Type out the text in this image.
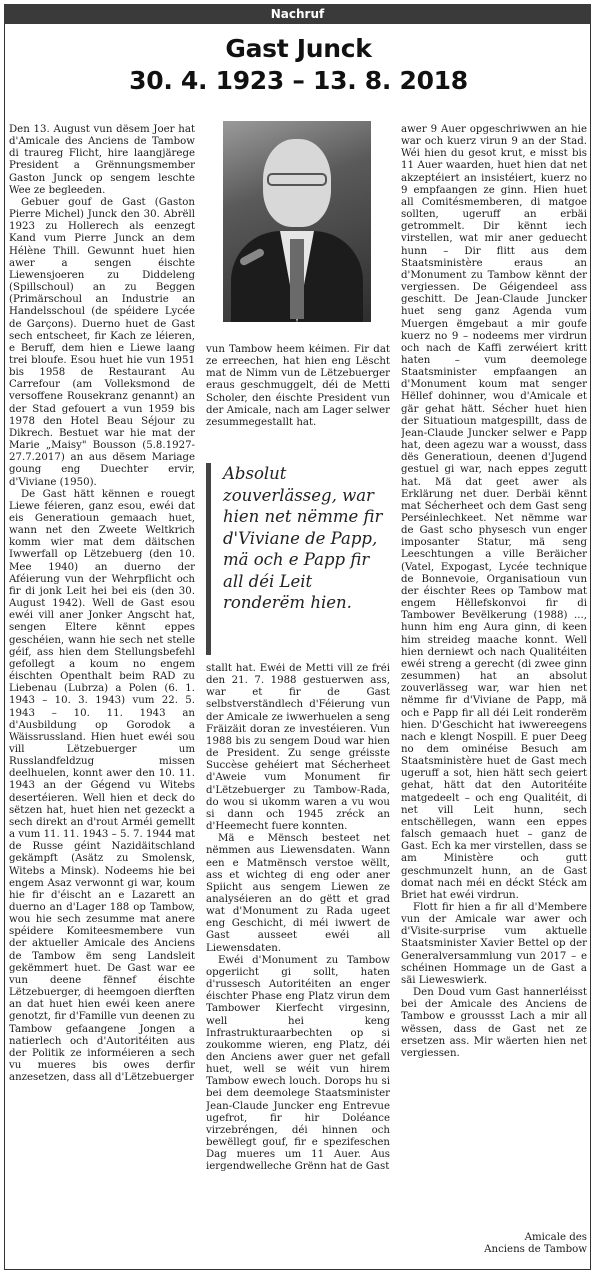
Nachruf
Gast Junck
30. 4. 1923 – 13. 8. 2018

Den 13. August vun dësem Joer hat d'Amicale des Anciens de Tambow di traureg Flicht, hire laangjärege President a Grënnungsmember Gaston Junck op sengem leschte Wee ze begleeden.

Gebuer gouf de Gast (Gaston Pierre Michel) Junck den 30. Abrëll 1923 zu Hollerech als eenzegt Kand vum Pierre Junck an dem Hélène Thill. Gewunnt huet hien awer a sengen éischte Liewensjoeren zu Diddeleng (Spillschoul) an zu Beggen (Primärschoul an Industrie an Handelsschoul (de spéidere Lycée de Garçons). Duerno huet de Gast sech entscheet, fir Kach ze léieren, e Beruff, dem hien e Liewe laang trei bloufe. Esou huet hie vun 1951 bis 1958 de Restaurant Au Carrefour (am Volleksmond de versoffene Rousekranz genannt) an der Stad gefouert a vun 1959 bis 1978 den Hotel Beau Séjour zu Dikrech. Bestuet war hie mat der Marie „Maisy" Bousson (5.8.1927-27.7.2017) an aus dësem Mariage goung eng Duechter ervir, d'Viviane (1950).

De Gast hätt kënnen e rouegt Liewe féieren, ganz esou, ewéi dat eis Generatioun gemaach huet, wann net den Zweete Weltkrich komm wier mat dem däitschen Iwwerfall op Lëtzebuerg (den 10. Mee 1940) an duerno der Aféierung vun der Wehrpflicht och fir di jonk Leit hei bei eis (den 30. August 1942). Well de Gast esou ewéi vill aner Jonker Angscht hat, sengen Eltere kënnt eppes geschéien, wann hie sech net stelle géif, ass hien dem Stellungsbefehl gefollegt a koum no engem éischten Openthalt beim RAD zu Liebenau (Lubrza) a Polen (6. 1. 1943 – 10. 3. 1943) vum 22. 5. 1943 – 10. 11. 1943 an d'Ausbildung op Gorodok a Wäissrussland. Hien huet ewéi sou vill Lëtzebuerger um Russlandfeldzug missen deelhuelen, konnt awer den 10. 11. 1943 an der Gégend vu Witebs desertéieren. Well hien et deck do sëtzen hat, huet hien net gezeckt a sech direkt an d'rout Arméi gemellt a vum 11. 11. 1943 – 5. 7. 1944 mat de Russe géint Nazidäitschland gekämpft (Asätz zu Smolensk, Witebs a Minsk). Nodeems hie bei engem Asaz verwonnt gi war, koum hie fir d'éischt an e Lazarett an duerno an d'Lager 188 op Tambow, wou hie sech zesumme mat anere spéidere Komiteesmembere vun der aktueller Amicale des Anciens de Tambow ëm seng Landsleit gekëmmert huet. De Gast war ee vun deene fënnef éischte Lëtzebuerger, di heemgoen dierften an dat huet hien ewéi keen anere genotzt, fir d'Famille vun deenen zu Tambow gefaangene Jongen a natierlech och d'Autoritéiten aus der Politik ze informéieren a sech vu mueres bis owes derfir anzesetzen, dass all d'Lëtzebuerger

vun Tambow heem kéimen. Fir dat ze erreechen, hat hien eng Lëscht mat de Nimm vun de Lëtzebuerger eraus geschmuggelt, déi de Metti Scholer, den éischte President vun der Amicale, nach am Lager selwer zesummegestallt hat.

Absolut zouverlässeg, war hien net nëmme fir d'Viviane de Papp, mä och e Papp fir all déi Leit ronderëm hien.

stallt hat. Ewéi de Metti vill ze fréi den 21. 7. 1988 gestuerwen ass, war et fir de Gast selbstverständlech d'Féierung vun der Amicale ze iwwerhuelen a seng Fräizäit doran ze investéieren. Vun 1988 bis zu sengem Doud war hien de President. Zu senge gréisste Succèse gehéiert mat Sécherheet d'Aweie vum Monument fir d'Lëtzebuerger zu Tambow-Rada, do wou si ukomm waren a vu wou si dann och 1945 zréck an d'Heemecht fuere konnten.

Mä e Mënsch besteet net nëmmen aus Liewensdaten. Wann een e Matmënsch verstoe wëllt, ass et wichteg di eng oder aner Spiicht aus sengem Liewen ze analyséieren an do gëtt et grad wat d'Monument zu Rada ugeet eng Geschicht, di méi iwwert de Gast ausseet ewéi all Liewensdaten.

Ewéi d'Monument zu Tambow opgeriicht gi sollt, haten d'russesch Autoritéiten an enger éischter Phase eng Platz virun dem Tambower Kierfecht virgesinn, well hei keng Infrastrukturaarbechten op si zoukomme wieren, eng Platz, déi den Anciens awer guer net gefall huet, well se wéit vun hirem Tambow ewech louch. Dorops hu si bei dem deemolege Staatsminister Jean-Claude Juncker eng Entrevue ugefrot, fir hir Doléance virzebréngen, déi hinnen och bewëllegt gouf, fir e spezifeschen Dag mueres um 11 Auer. Aus iergendwelleche Grënn hat de Gast

awer 9 Auer opgeschriwwen an hie war och kuerz virun 9 an der Stad. Wéi hien du gesot krut, e misst bis 11 Auer waarden, huet hien dat net akzeptéiert an insistéiert, kuerz no 9 empfaangen ze ginn. Hien huet all Comitésmemberen, di matgoe sollten, ugeruff an erbäi getrommelt. Dir kënnt iech virstellen, wat mir aner geduecht hunn – Dir flitt aus dem Staatsministère eraus an d'Monument zu Tambow kënnt der vergiessen. De Géigendeel ass geschitt. De Jean-Claude Juncker huet seng ganz Agenda vum Muergen ëmgebaut a mir goufe kuerz no 9 – nodeems mer virdrun och nach de Kaffi zerwéiert kritt haten – vum deemolege Staatsminister empfaangen an d'Monument koum mat senger Hëllef dohinner, wou d'Amicale et gär gehat hätt. Sécher huet hien der Situatioun matgespillt, dass de Jean-Claude Juncker selwer e Papp hat, deen agezu war a wousst, dass dës Generatioun, deenen d'Jugend gestuel gi war, nach eppes zegutt hat. Mä dat geet awer als Erklärung net duer. Derbäi kënnt mat Sécherheet och dem Gast seng Perséinlechkeet. Net nëmme war de Gast scho physesch vun enger imposanter Statur, mä seng Leeschtungen a ville Beräicher (Vatel, Expogast, Lycée technique de Bonnevoie, Organisatioun vun der éischter Rees op Tambow mat engem Hëllefskonvoi fir di Tambower Bevëlkerung (1988) ..., hunn him eng Aura ginn, di keen him streideg maache konnt. Well hien derniewt och nach Qualitéiten ewéi streng a gerecht (di zwee ginn zesummen) hat an absolut zouverlässeg war, war hien net nëmme fir d'Viviane de Papp, mä och e Papp fir all déi Leit ronderëm hien. D'Geschicht hat iwwereegens nach e klengt Nospill. E puer Deeg no dem ominéise Besuch am Staatsministère huet de Gast mech ugeruff a sot, hien hätt sech geiert gehat, hätt dat den Autoritéite matgedeelt – och eng Qualitéit, di net vill Leit hunn, sech entschëllegen, wann een eppes falsch gemaach huet – ganz de Gast. Ech ka mer virstellen, dass se am Ministère och gutt geschmunzelt hunn, an de Gast domat nach méi en déckt Stéck am Briet hat ewéi virdrun.

Flott fir hien a fir all d'Membere vun der Amicale war awer och d'Visite-surprise vum aktuelle Staatsminister Xavier Bettel op der Generalversammlung vun 2017 – e schéinen Hommage un de Gast a säi Lieweswierk.

Den Doud vum Gast hannerléisst bei der Amicale des Anciens de Tambow e groussst Lach a mir all wëssen, dass de Gast net ze ersetzen ass. Mir wäerten hien net vergiessen.

Amicale des
Anciens de Tambow
